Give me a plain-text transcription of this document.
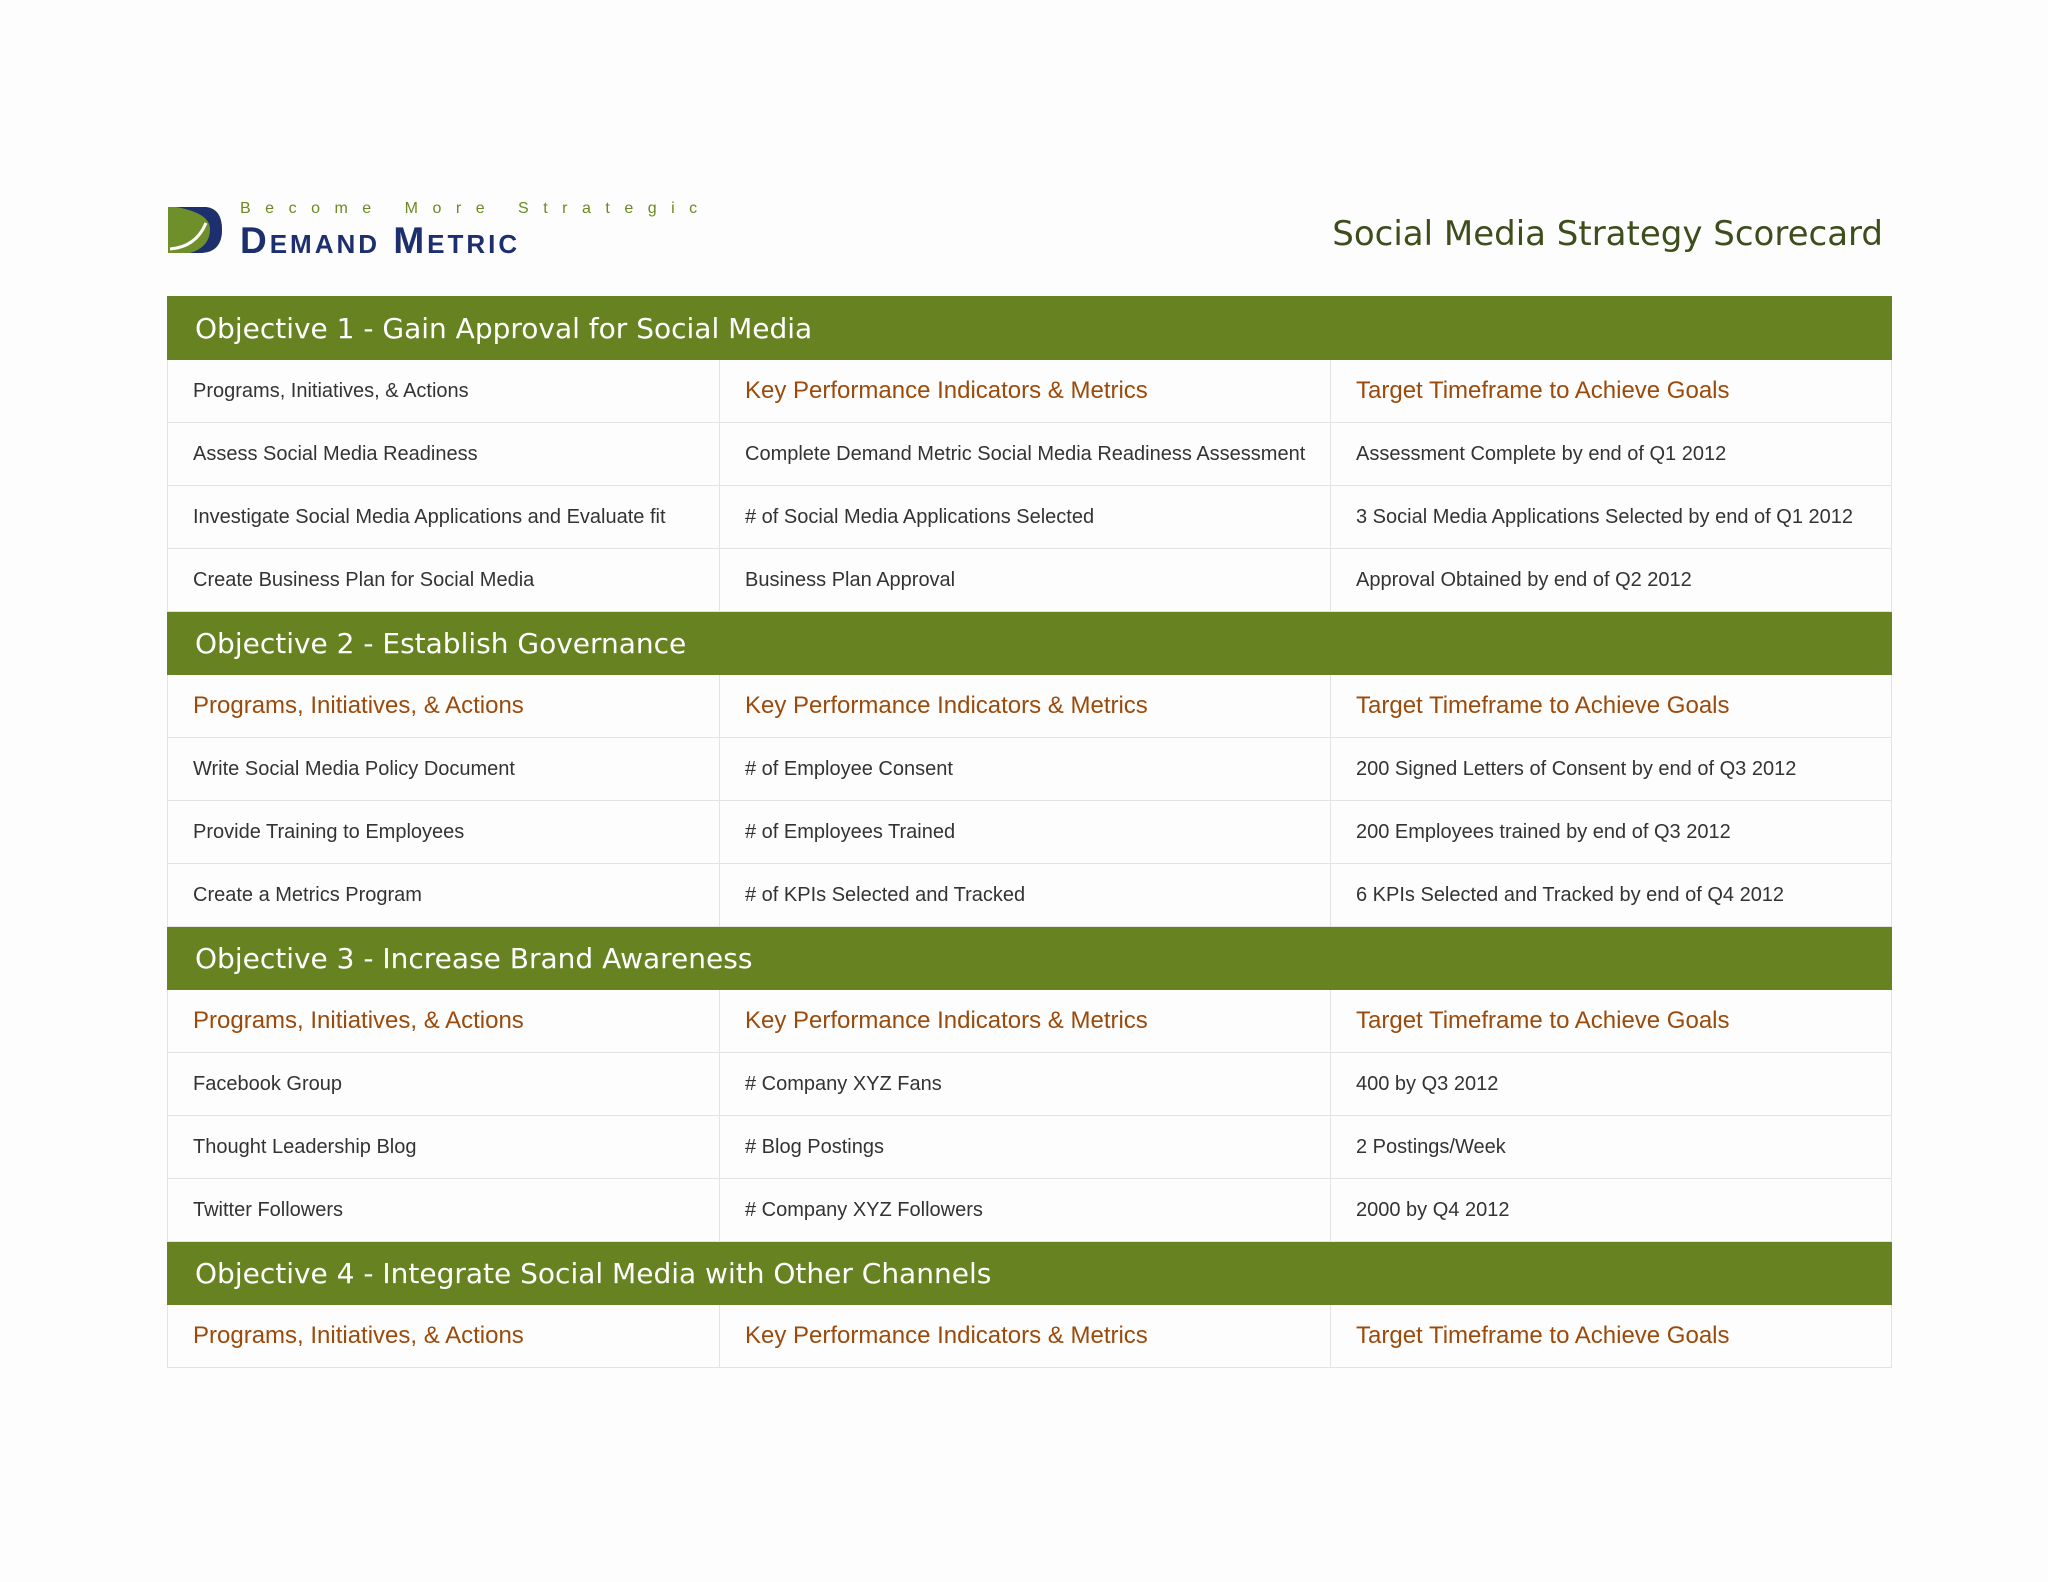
Become More Strategic
Demand Metric	Social Media Strategy Scorecard
Objective 1 - Gain Approval for Social Media		
Programs, Initiatives, & Actions	Key Performance Indicators & Metrics	Target Timeframe to Achieve Goals
Assess Social Media Readiness	Complete Demand Metric Social Media Readiness Assessment	Assessment Complete by end of Q1 2012
Investigate Social Media Applications and Evaluate fit	# of Social Media Applications Selected	3 Social Media Applications Selected by end of Q1 2012
Create Business Plan for Social Media	Business Plan Approval	Approval Obtained by end of Q2 2012
Objective 2 - Establish Governance		
Programs, Initiatives, & Actions	Key Performance Indicators & Metrics	Target Timeframe to Achieve Goals
Write Social Media Policy Document	# of Employee Consent	200 Signed Letters of Consent by end of Q3 2012
Provide Training to Employees	# of Employees Trained	200 Employees trained by end of Q3 2012
Create a Metrics Program	# of KPIs Selected and Tracked	6 KPIs Selected and Tracked by end of Q4 2012
Objective 3 - Increase Brand Awareness		
Programs, Initiatives, & Actions	Key Performance Indicators & Metrics	Target Timeframe to Achieve Goals
Facebook Group	# Company XYZ Fans	400 by Q3 2012
Thought Leadership Blog	# Blog Postings	2 Postings/Week
Twitter Followers	# Company XYZ Followers	2000 by Q4 2012
Objective 4 - Integrate Social Media with Other Channels		
Programs, Initiatives, & Actions	Key Performance Indicators & Metrics	Target Timeframe to Achieve Goals
